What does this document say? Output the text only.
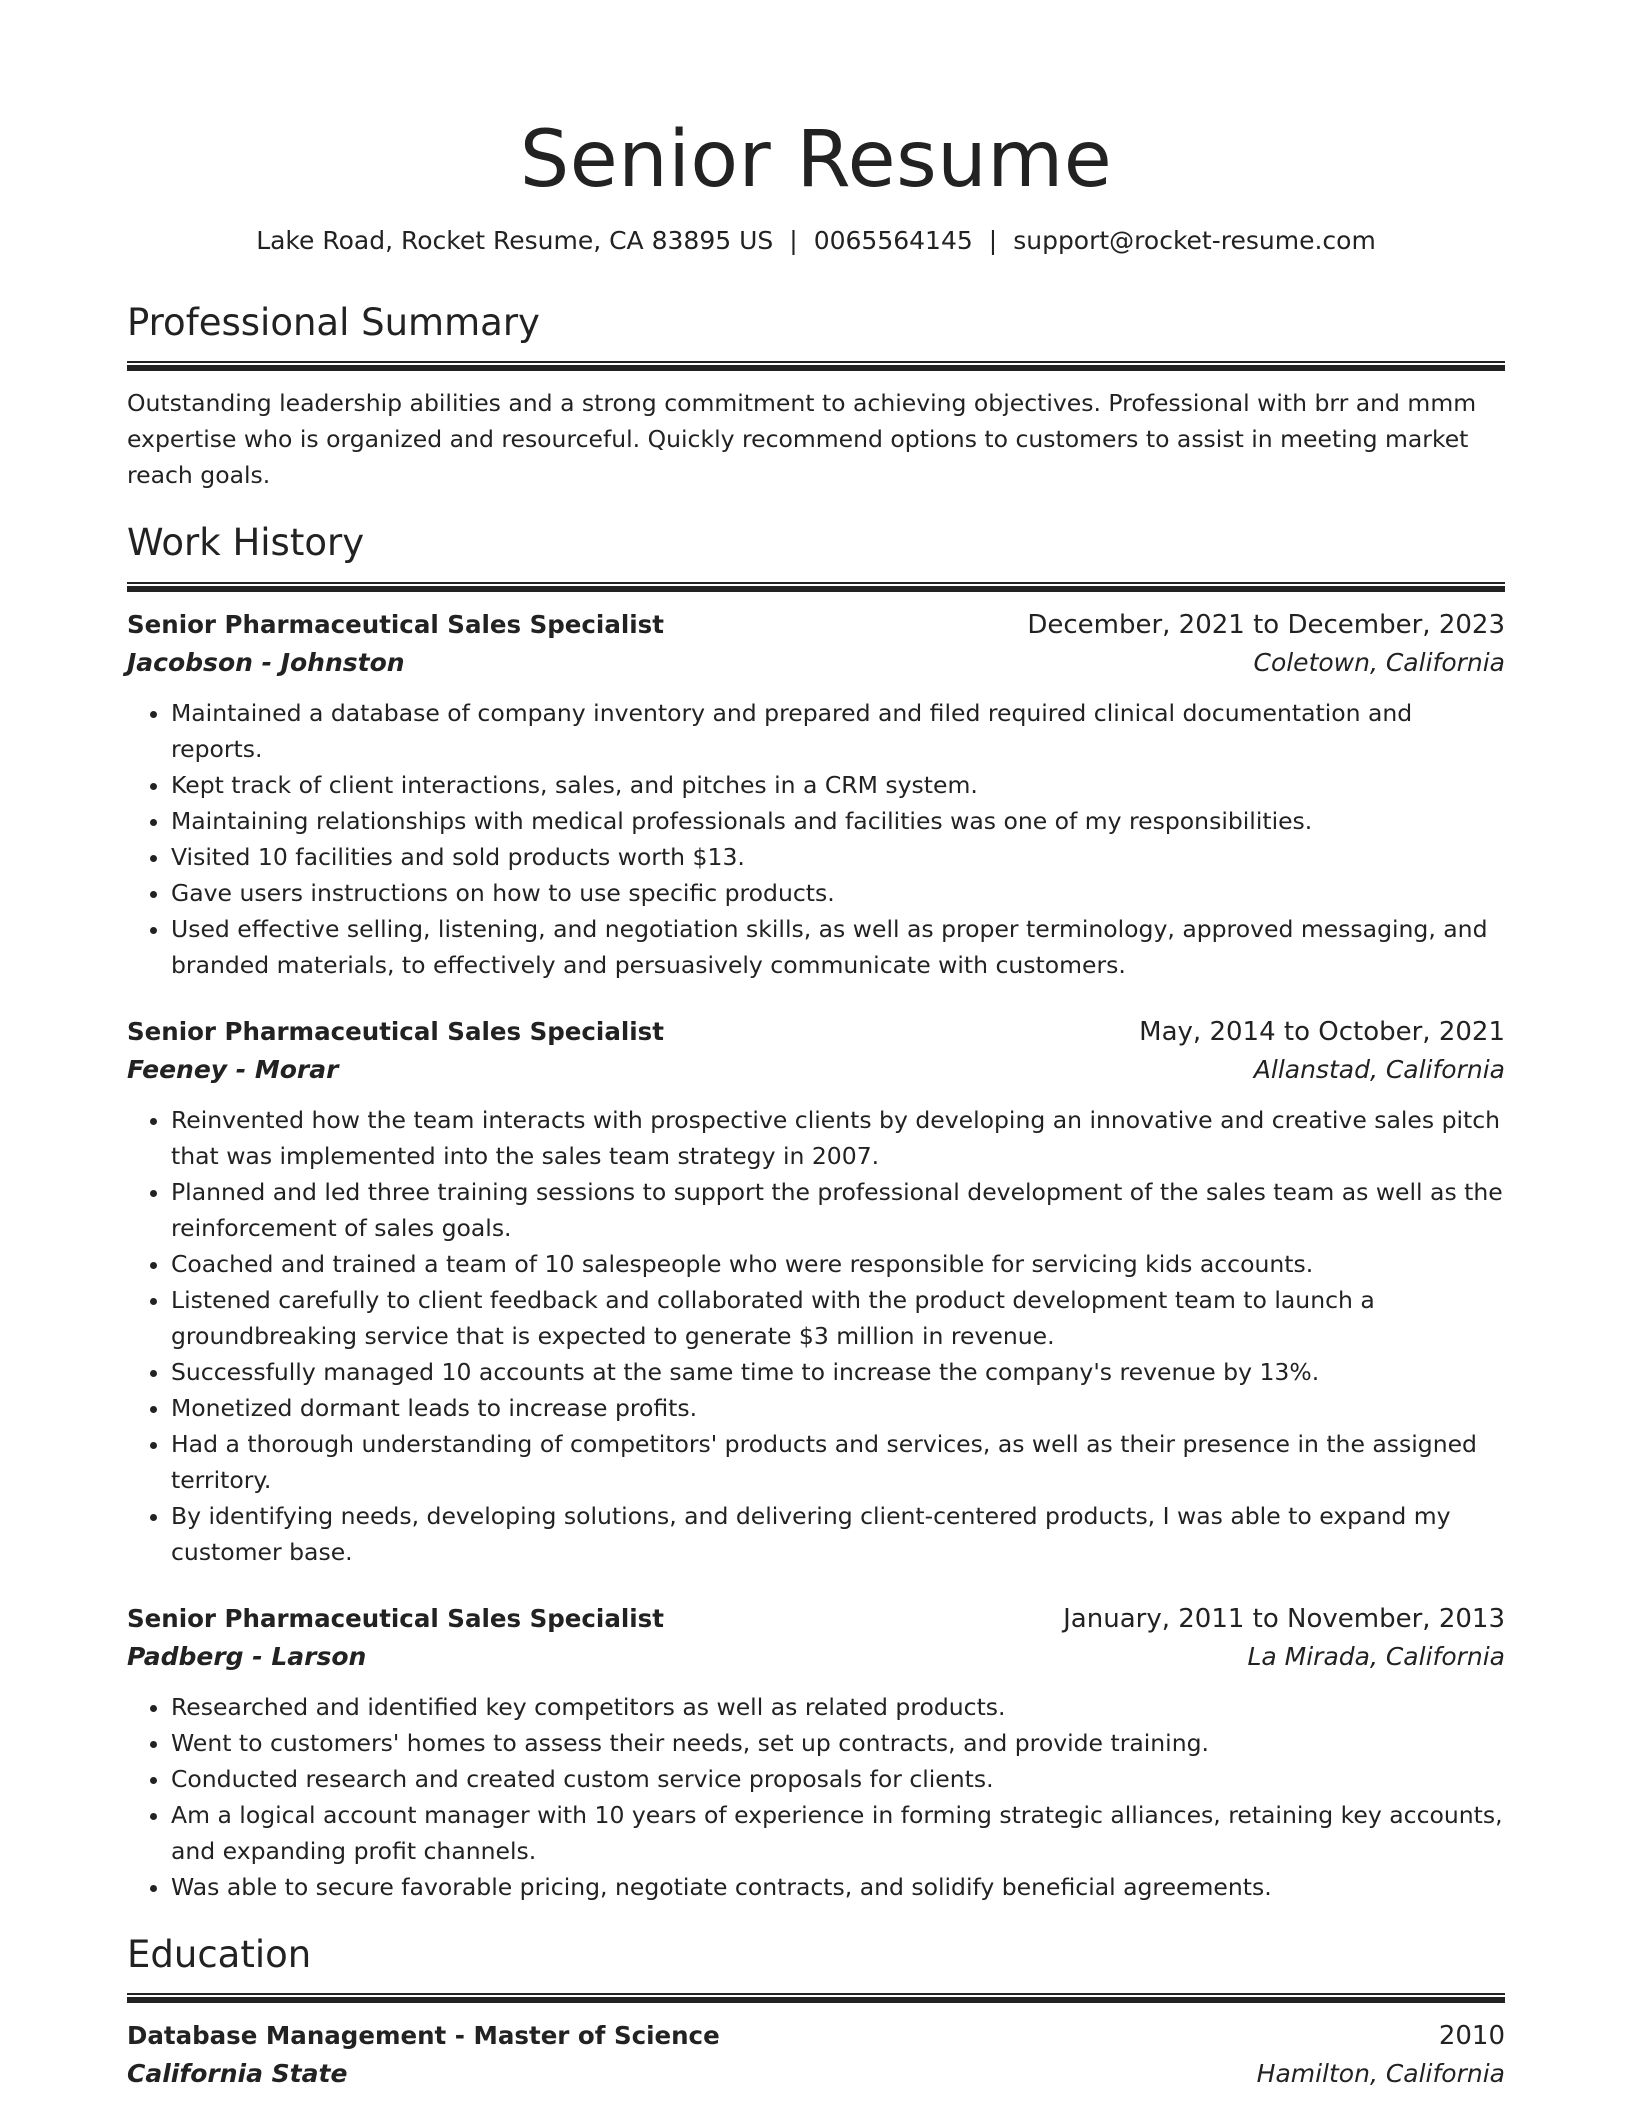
Senior Resume
Lake Road, Rocket Resume, CA 83895 US | 0065564145 | support@rocket-resume.com
Professional Summary

Outstanding leadership abilities and a strong commitment to achieving objectives. Professional with brr and mmm expertise who is organized and resourceful. Quickly recommend options to customers to assist in meeting market reach goals.

Work History
Senior Pharmaceutical Sales Specialist	December, 2021 to December, 2023
Jacobson - Johnston	Coletown, California
• Maintained a database of company inventory and prepared and filed required clinical documentation and reports.
• Kept track of client interactions, sales, and pitches in a CRM system.
• Maintaining relationships with medical professionals and facilities was one of my responsibilities.
• Visited 10 facilities and sold products worth $13.
• Gave users instructions on how to use specific products.
• Used effective selling, listening, and negotiation skills, as well as proper terminology, approved messaging, and branded materials, to effectively and persuasively communicate with customers.
Senior Pharmaceutical Sales Specialist	May, 2014 to October, 2021
Feeney - Morar	Allanstad, California
• Reinvented how the team interacts with prospective clients by developing an innovative and creative sales pitch that was implemented into the sales team strategy in 2007.
• Planned and led three training sessions to support the professional development of the sales team as well as the reinforcement of sales goals.
• Coached and trained a team of 10 salespeople who were responsible for servicing kids accounts.
• Listened carefully to client feedback and collaborated with the product development team to launch a groundbreaking service that is expected to generate $3 million in revenue.
• Successfully managed 10 accounts at the same time to increase the company's revenue by 13%.
• Monetized dormant leads to increase profits.
• Had a thorough understanding of competitors' products and services, as well as their presence in the assigned territory.
• By identifying needs, developing solutions, and delivering client-centered products, I was able to expand my customer base.
Senior Pharmaceutical Sales Specialist	January, 2011 to November, 2013
Padberg - Larson	La Mirada, California
• Researched and identified key competitors as well as related products.
• Went to customers' homes to assess their needs, set up contracts, and provide training.
• Conducted research and created custom service proposals for clients.
• Am a logical account manager with 10 years of experience in forming strategic alliances, retaining key accounts, and expanding profit channels.
• Was able to secure favorable pricing, negotiate contracts, and solidify beneficial agreements.
Education
Database Management - Master of Science	2010
California State	Hamilton, California
